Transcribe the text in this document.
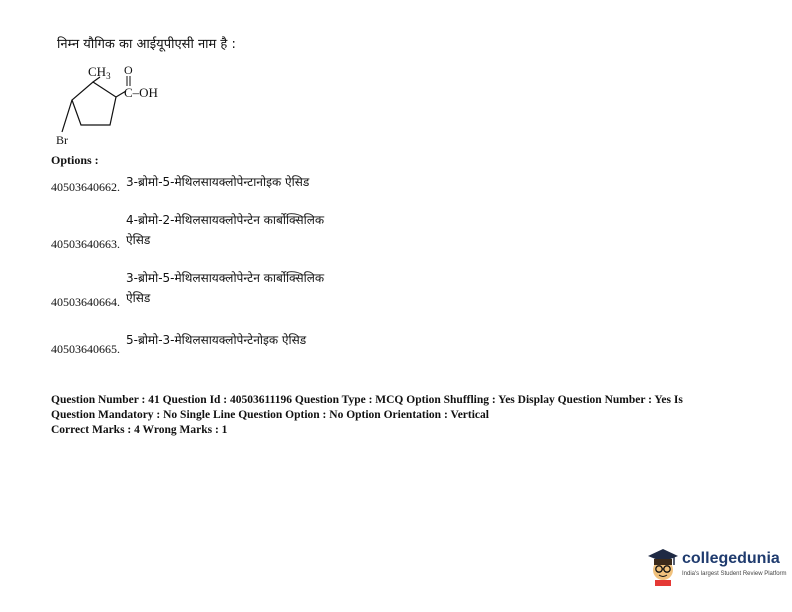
निम्न यौगिक का आईयूपीएसी नाम है :
$CH_3$ O
C–OH
Br
Options :
3-ब्रोमो-5-मेथिलसायक्लोपेन्टानोइक ऐसिड
40503640662.
4-ब्रोमो-2-मेथिलसायक्लोपेन्टेन कार्बोक्सिलिक
ऐसिड
40503640663.
3-ब्रोमो-5-मेथिलसायक्लोपेन्टेन कार्बोक्सिलिक
ऐसिड
40503640664.
5-ब्रोमो-3-मेथिलसायक्लोपेन्टेनोइक ऐसिड
40503640665.
Question Number : 41 Question Id : 40503611196 Question Type : MCQ Option Shuffling : Yes Display Question Number : Yes Is
Question Mandatory : No Single Line Question Option : No Option Orientation : Vertical
Correct Marks : 4 Wrong Marks : 1
collegedunia
India's largest Student Review Platform
